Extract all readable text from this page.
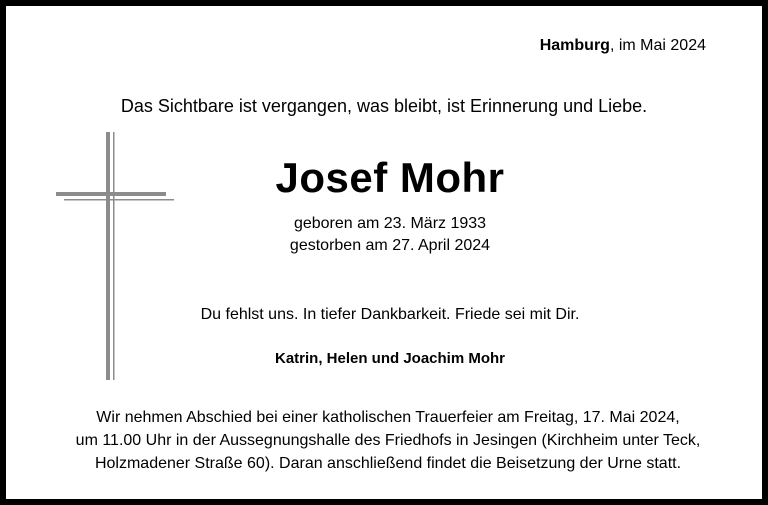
Hamburg, im Mai 2024
Das Sichtbare ist vergangen, was bleibt, ist Erinnerung und Liebe.
Josef Mohr
geboren am 23. März 1933
gestorben am 27. April 2024
Du fehlst uns. In tiefer Dankbarkeit. Friede sei mit Dir.
Katrin, Helen und Joachim Mohr
Wir nehmen Abschied bei einer katholischen Trauerfeier am Freitag, 17. Mai 2024,
um 11.00 Uhr in der Aussegnungshalle des Friedhofs in Jesingen (Kirchheim unter Teck,
Holzmadener Straße 60). Daran anschließend findet die Beisetzung der Urne statt.
